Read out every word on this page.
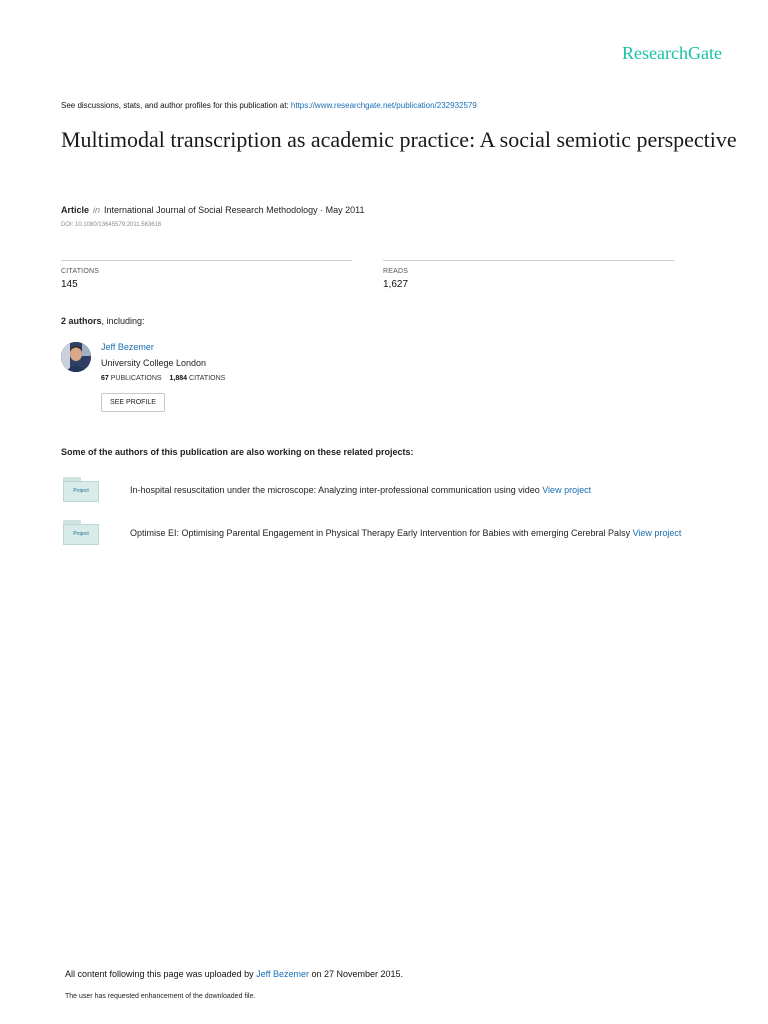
ResearchGate
See discussions, stats, and author profiles for this publication at: https://www.researchgate.net/publication/232932579
Multimodal transcription as academic practice: A social semiotic perspective
Article in International Journal of Social Research Methodology · May 2011
DOI: 10.1080/13645579.2011.563616
CITATIONS
145
READS
1,627
2 authors, including:
Jeff Bezemer
University College London
67 PUBLICATIONS 1,884 CITATIONS
SEE PROFILE
Some of the authors of this publication are also working on these related projects:
Project	In-hospital resuscitation under the microscope: Analyzing inter-professional communication using video View project
Project	Optimise EI: Optimising Parental Engagement in Physical Therapy Early Intervention for Babies with emerging Cerebral Palsy View project
All content following this page was uploaded by Jeff Bezemer on 27 November 2015.
The user has requested enhancement of the downloaded file.
